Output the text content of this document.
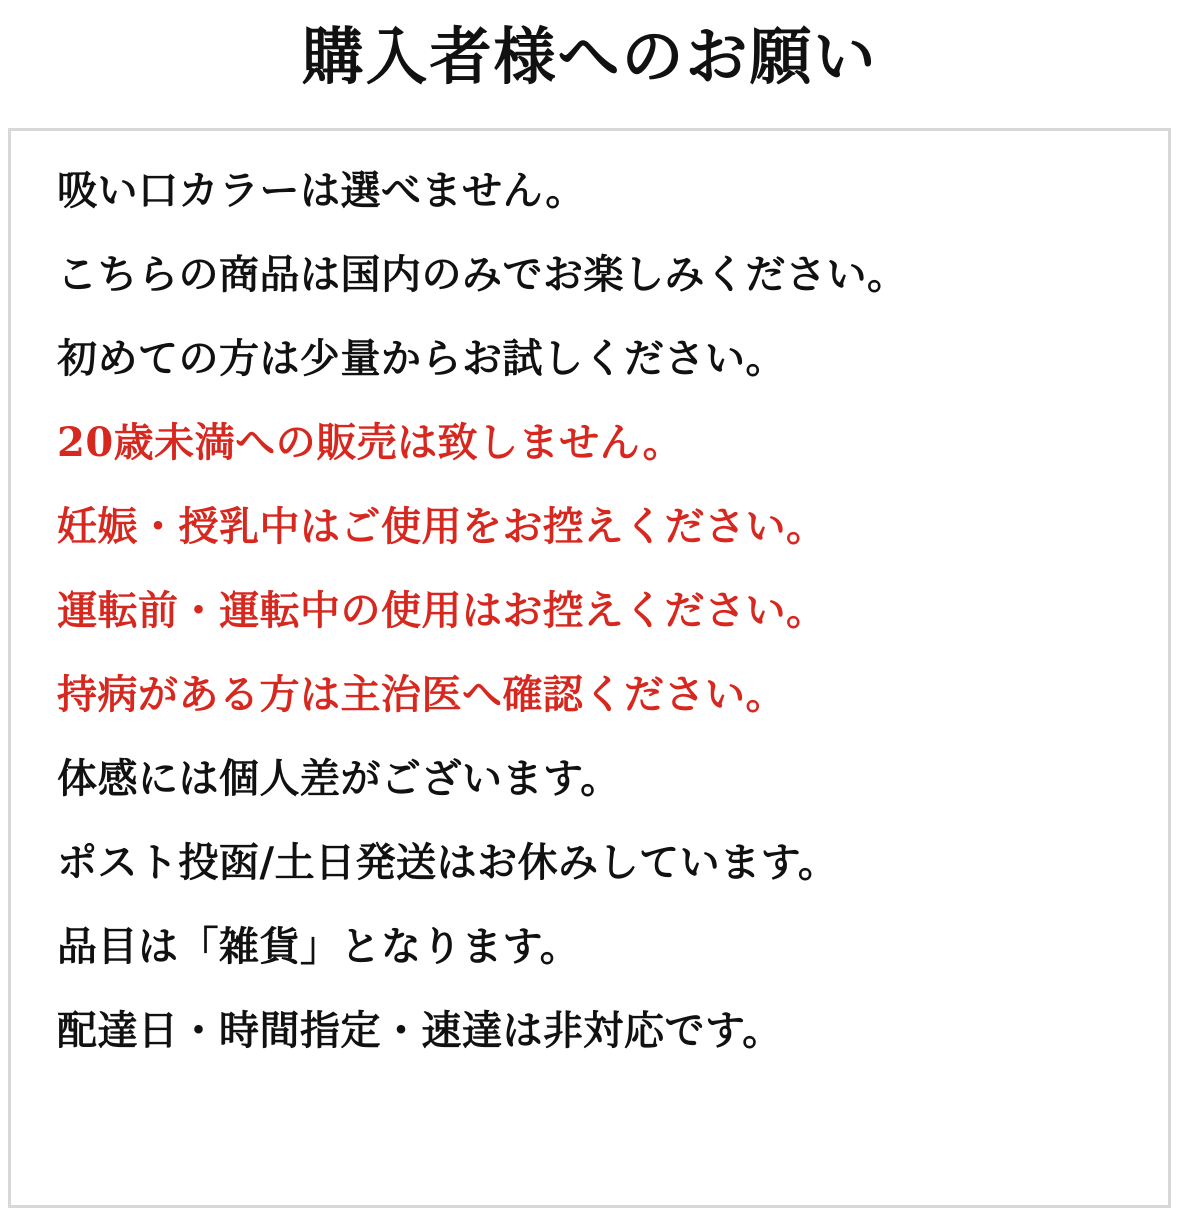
購入者様へのお願い
吸い口カラーは選べません。
こちらの商品は国内のみでお楽しみください。
初めての方は少量からお試しください。
20歳未満への販売は致しません。
妊娠・授乳中はご使用をお控えください。
運転前・運転中の使用はお控えください。
持病がある方は主治医へ確認ください。
体感には個人差がございます。
ポスト投函/土日発送はお休みしています。
品目は「雑貨」となります。
配達日・時間指定・速達は非対応です。
